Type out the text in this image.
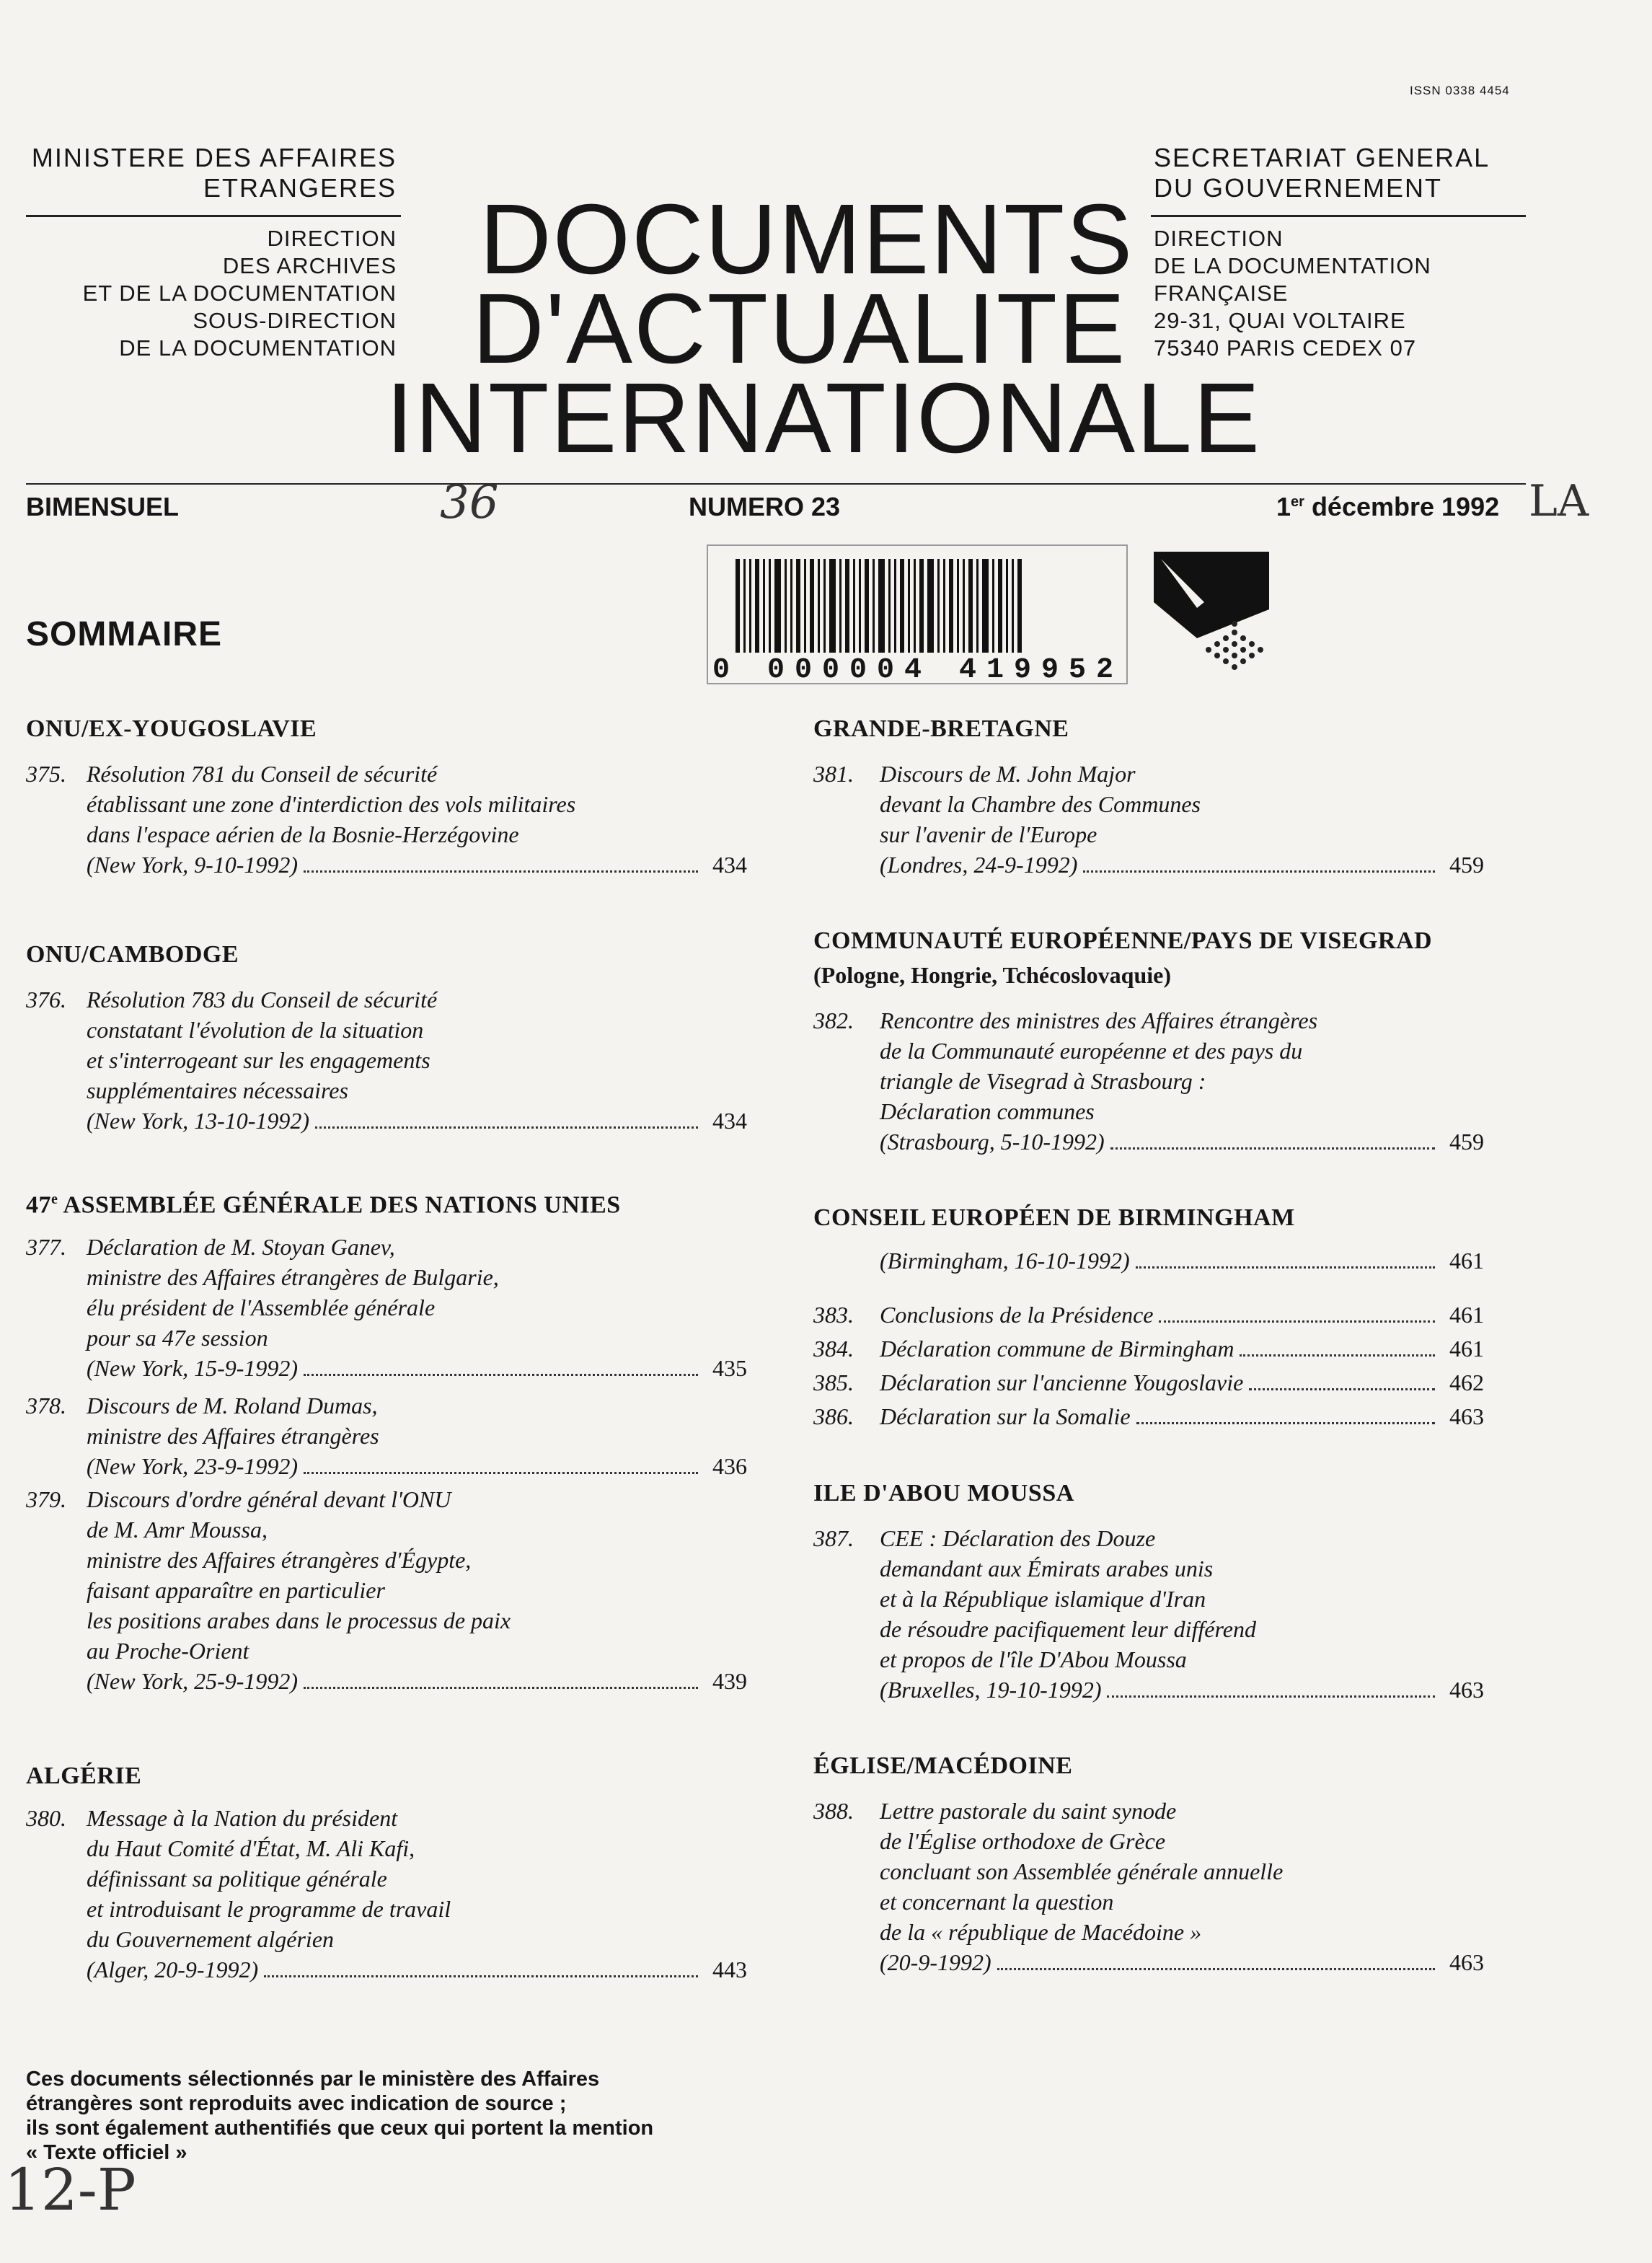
ISSN 0338 4454
MINISTERE DES AFFAIRES
ETRANGERES
DIRECTION
DES ARCHIVES
ET DE LA DOCUMENTATION
SOUS-DIRECTION
DE LA DOCUMENTATION
DOCUMENTS
D'ACTUALITE
INTERNATIONALE
SECRETARIAT GENERAL
DU GOUVERNEMENT
DIRECTION
DE LA DOCUMENTATION
FRANÇAISE
29-31, QUAI VOLTAIRE
75340 PARIS CEDEX 07
BIMENSUEL	36	NUMERO 23	1er décembre 1992 LA
0 000004 419952
SOMMAIRE
ONU/EX-YOUGOSLAVIE
375. Résolution 781 du Conseil de sécurité
établissant une zone d'interdiction des vols militaires
dans l'espace aérien de la Bosnie-Herzégovine
(New York, 9-10-1992)	434
ONU/CAMBODGE
376. Résolution 783 du Conseil de sécurité
constatant l'évolution de la situation
et s'interrogeant sur les engagements
supplémentaires nécessaires
(New York, 13-10-1992)	434
47e ASSEMBLÉE GÉNÉRALE DES NATIONS UNIES
377. Déclaration de M. Stoyan Ganev,
ministre des Affaires étrangères de Bulgarie,
élu président de l'Assemblée générale
pour sa 47e session
(New York, 15-9-1992)	435
378. Discours de M. Roland Dumas,
ministre des Affaires étrangères
(New York, 23-9-1992)	436
379. Discours d'ordre général devant l'ONU
de M. Amr Moussa,
ministre des Affaires étrangères d'Égypte,
faisant apparaître en particulier
les positions arabes dans le processus de paix
au Proche-Orient
(New York, 25-9-1992)	439
ALGÉRIE
380. Message à la Nation du président
du Haut Comité d'État, M. Ali Kafi,
définissant sa politique générale
et introduisant le programme de travail
du Gouvernement algérien
(Alger, 20-9-1992)	443
Ces documents sélectionnés par le ministère des Affaires
étrangères sont reproduits avec indication de source ;
ils sont également authentifiés que ceux qui portent la mention
« Texte officiel »
12-P
GRANDE-BRETAGNE
381. Discours de M. John Major
devant la Chambre des Communes
sur l'avenir de l'Europe
(Londres, 24-9-1992)	459
COMMUNAUTÉ EUROPÉENNE/PAYS DE VISEGRAD
(Pologne, Hongrie, Tchécoslovaquie)
382. Rencontre des ministres des Affaires étrangères
de la Communauté européenne et des pays du
triangle de Visegrad à Strasbourg :
Déclaration communes
(Strasbourg, 5-10-1992)	459
CONSEIL EUROPÉEN DE BIRMINGHAM
(Birmingham, 16-10-1992)	461
383. Conclusions de la Présidence	461
384. Déclaration commune de Birmingham	461
385. Déclaration sur l'ancienne Yougoslavie	462
386. Déclaration sur la Somalie	463
ILE D'ABOU MOUSSA
387. CEE : Déclaration des Douze
demandant aux Émirats arabes unis
et à la République islamique d'Iran
de résoudre pacifiquement leur différend
et propos de l'île D'Abou Moussa
(Bruxelles, 19-10-1992)	463
ÉGLISE/MACÉDOINE
388. Lettre pastorale du saint synode
de l'Église orthodoxe de Grèce
concluant son Assemblée générale annuelle
et concernant la question
de la « république de Macédoine »
(20-9-1992)	463
